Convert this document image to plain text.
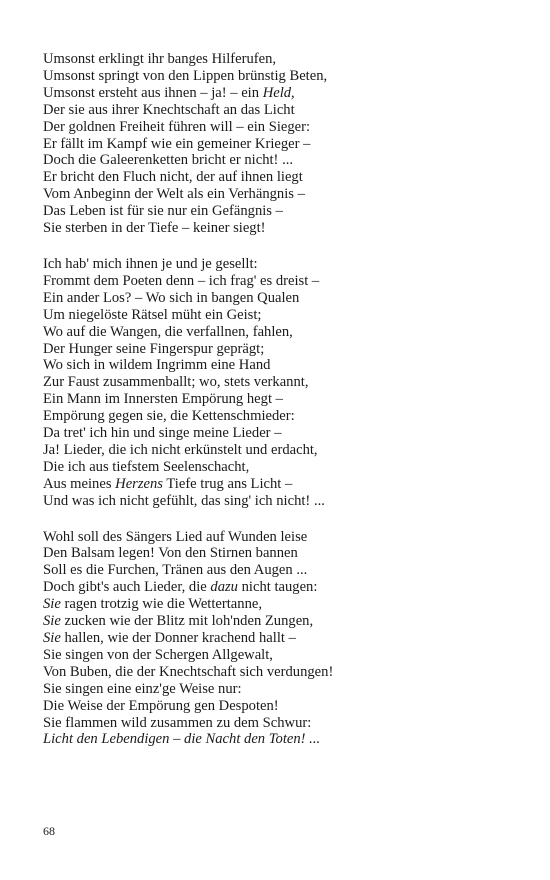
Umsonst erklingt ihr banges Hilferufen,
Umsonst springt von den Lippen brünstig Beten,
Umsonst ersteht aus ihnen – ja! – ein Held,
Der sie aus ihrer Knechtschaft an das Licht
Der goldnen Freiheit führen will – ein Sieger:
Er fällt im Kampf wie ein gemeiner Krieger –
Doch die Galeerenketten bricht er nicht! ...
Er bricht den Fluch nicht, der auf ihnen liegt
Vom Anbeginn der Welt als ein Verhängnis –
Das Leben ist für sie nur ein Gefängnis –
Sie sterben in der Tiefe – keiner siegt!
Ich hab' mich ihnen je und je gesellt:
Frommt dem Poeten denn – ich frag' es dreist –
Ein ander Los? – Wo sich in bangen Qualen
Um niegelöste Rätsel müht ein Geist;
Wo auf die Wangen, die verfallnen, fahlen,
Der Hunger seine Fingerspur geprägt;
Wo sich in wildem Ingrimm eine Hand
Zur Faust zusammenballt; wo, stets verkannt,
Ein Mann im Innersten Empörung hegt –
Empörung gegen sie, die Kettenschmieder:
Da tret' ich hin und singe meine Lieder –
Ja! Lieder, die ich nicht erkünstelt und erdacht,
Die ich aus tiefstem Seelenschacht,
Aus meines Herzens Tiefe trug ans Licht –
Und was ich nicht gefühlt, das sing' ich nicht! ...
Wohl soll des Sängers Lied auf Wunden leise
Den Balsam legen! Von den Stirnen bannen
Soll es die Furchen, Tränen aus den Augen ...
Doch gibt's auch Lieder, die dazu nicht taugen:
Sie ragen trotzig wie die Wettertanne,
Sie zucken wie der Blitz mit loh'nden Zungen,
Sie hallen, wie der Donner krachend hallt –
Sie singen von der Schergen Allgewalt,
Von Buben, die der Knechtschaft sich verdungen!
Sie singen eine einz'ge Weise nur:
Die Weise der Empörung gen Despoten!
Sie flammen wild zusammen zu dem Schwur:
Licht den Lebendigen – die Nacht den Toten! ...
68
